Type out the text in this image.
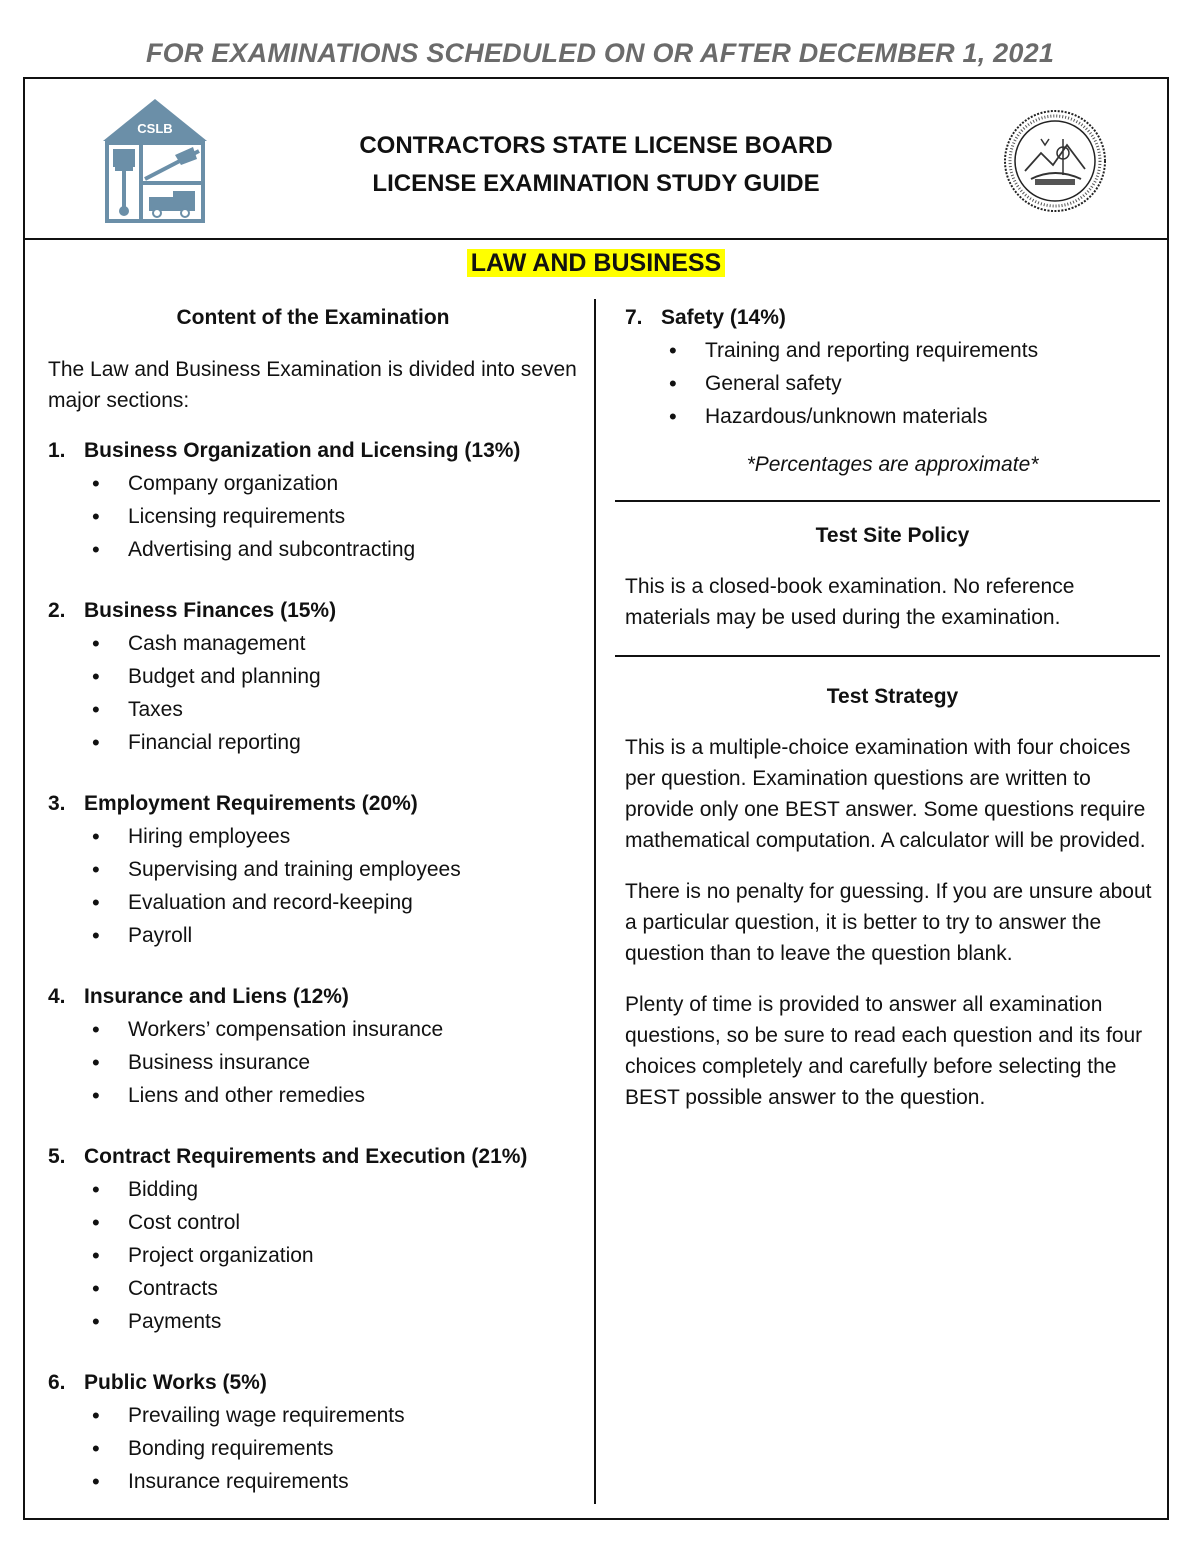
FOR EXAMINATIONS SCHEDULED ON OR AFTER DECEMBER 1, 2021
CSLB
CONTRACTORS STATE LICENSE BOARD
LICENSE EXAMINATION STUDY GUIDE
LAW AND BUSINESS

Content of the Examination

The Law and Business Examination is divided into seven major sections:

1. Business Organization and Licensing (13%)
• Company organization
• Licensing requirements
• Advertising and subcontracting
2. Business Finances (15%)
• Cash management
• Budget and planning
• Taxes
• Financial reporting
3. Employment Requirements (20%)
• Hiring employees
• Supervising and training employees
• Evaluation and record-keeping
• Payroll
4. Insurance and Liens (12%)
• Workers’ compensation insurance
• Business insurance
• Liens and other remedies
5. Contract Requirements and Execution (21%)
• Bidding
• Cost control
• Project organization
• Contracts
• Payments
6. Public Works (5%)
• Prevailing wage requirements
• Bonding requirements
• Insurance requirements
7. Safety (14%)
• Training and reporting requirements
• General safety
• Hazardous/unknown materials

*Percentages are approximate*

Test Site Policy

This is a closed-book examination. No reference materials may be used during the examination.

Test Strategy

This is a multiple-choice examination with four choices per question. Examination questions are written to provide only one BEST answer. Some questions require mathematical computation. A calculator will be provided.

There is no penalty for guessing. If you are unsure about a particular question, it is better to try to answer the question than to leave the question blank.

Plenty of time is provided to answer all examination questions, so be sure to read each question and its four choices completely and carefully before selecting the BEST possible answer to the question.
